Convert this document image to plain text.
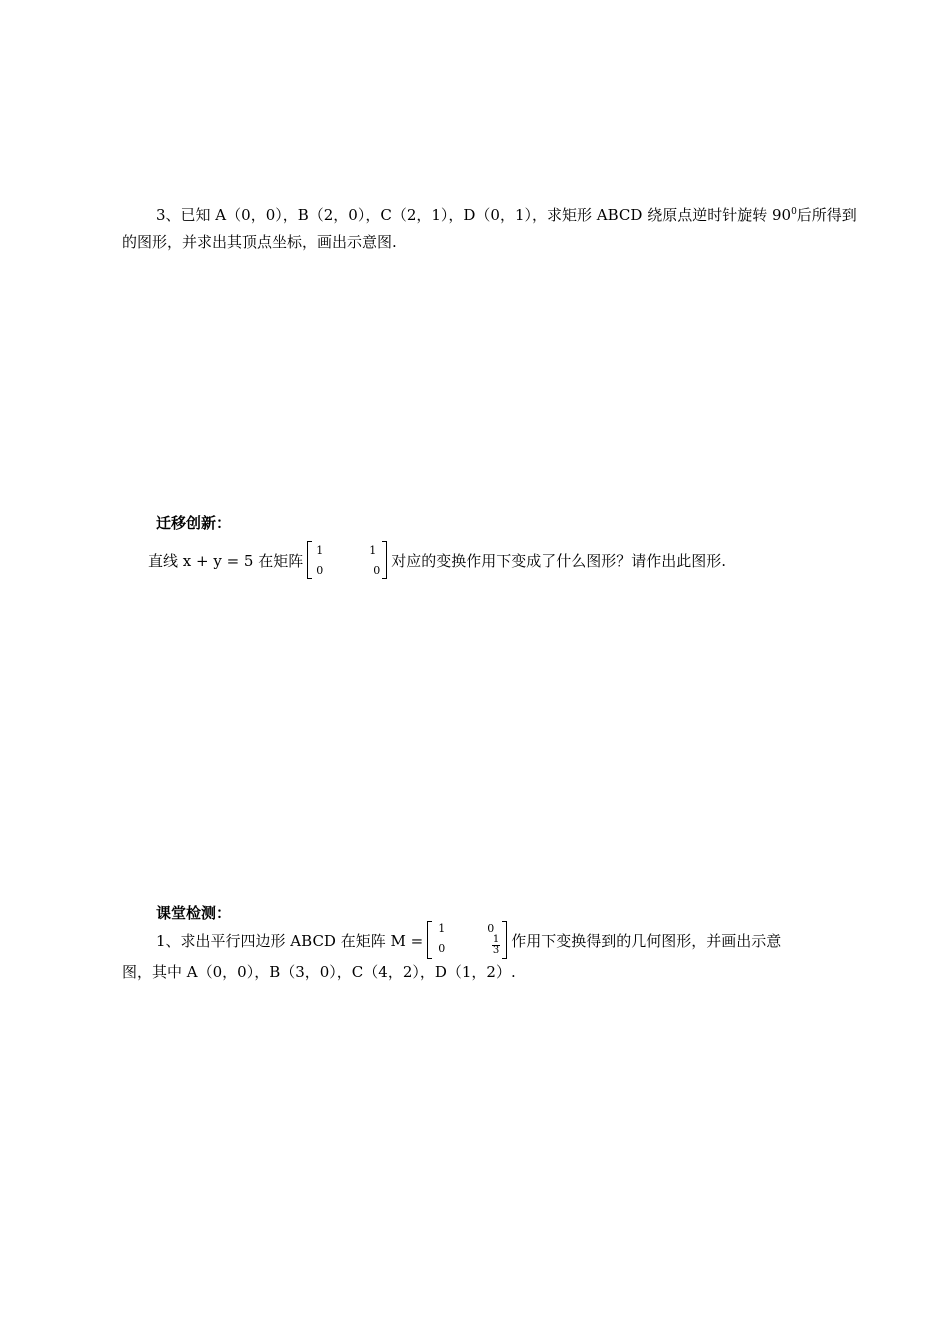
3、已知 A（0，0），B（2，0），C（2，1），D（0，1），求矩形 ABCD 绕原点逆时针旋转 $90^0$后所得到
的图形，并求出其顶点坐标，画出示意图.
迁移创新：
直线 x + y = 5 在矩阵
1	1
0	0
对应的变换作用下变成了什么图形？请作出此图形.
课堂检测：
1、求出平行四边形 ABCD 在矩阵 M =
1	0
0	$\frac{1}{3}$ 作用下变换得到的几何图形，并画出示意
图，其中 A（0，0），B（3，0），C（4，2），D（1，2）.
